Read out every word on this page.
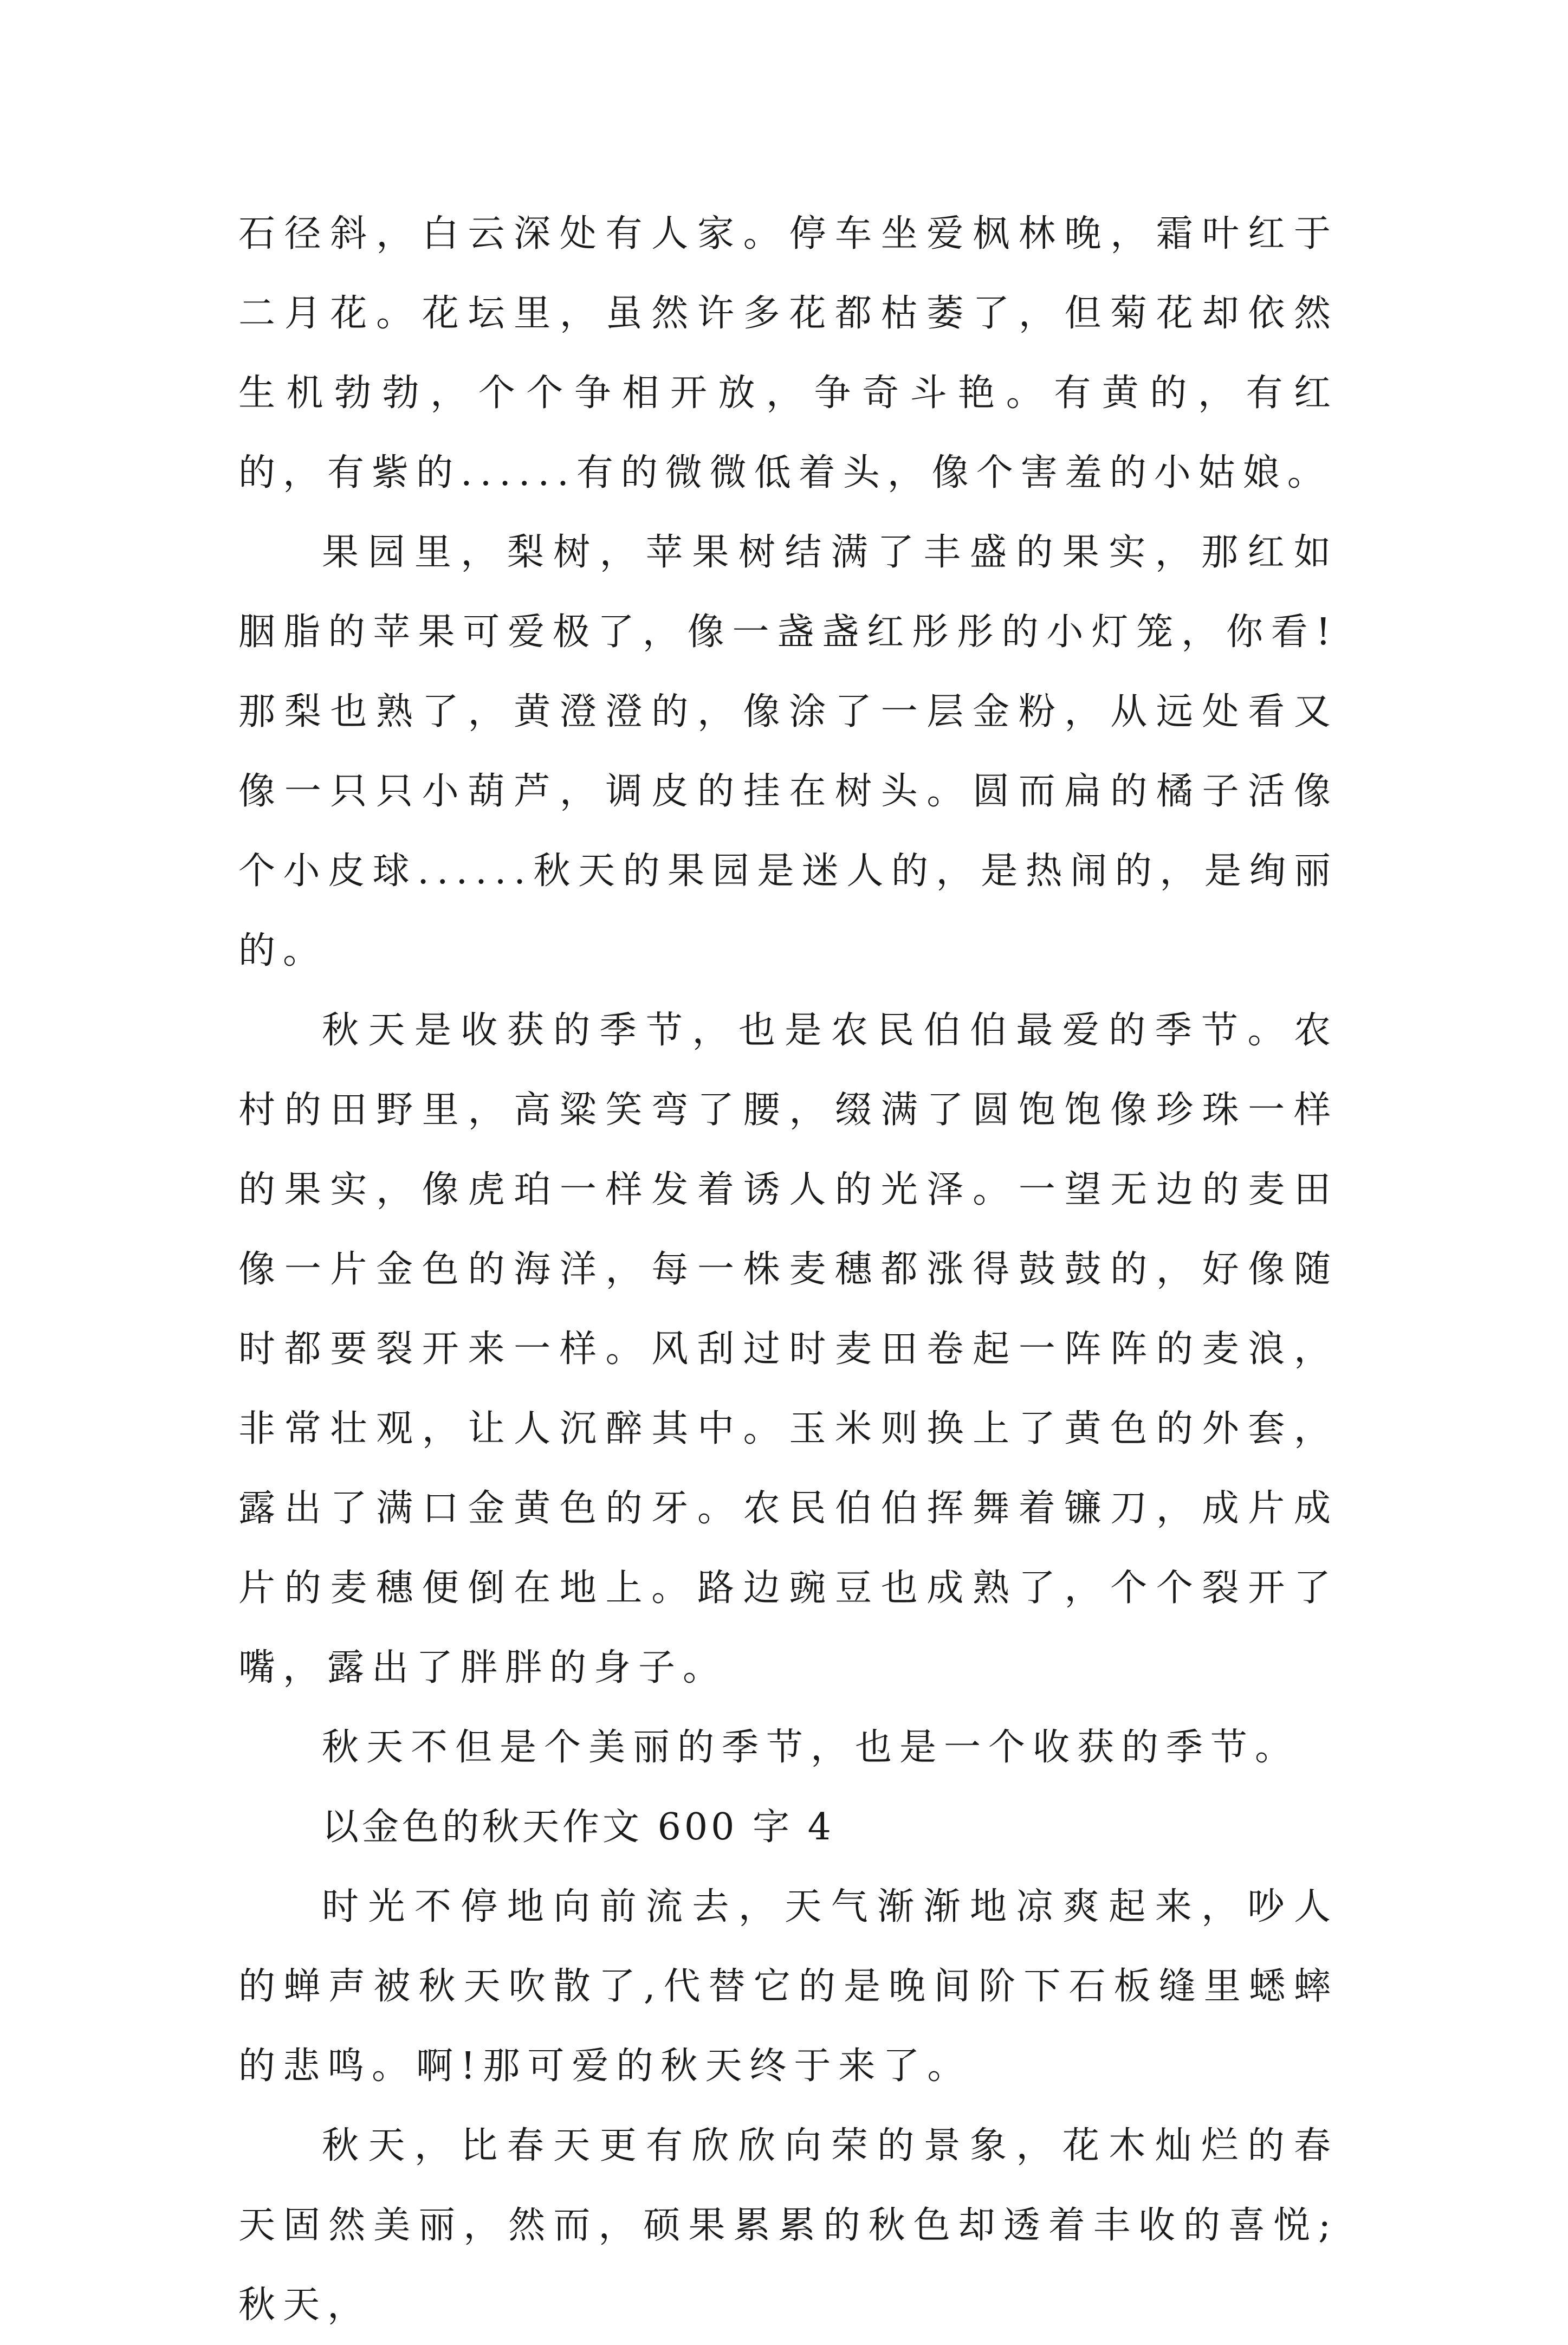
石径斜，白云深处有人家。停车坐爱枫林晚，霜叶红于二月花。花坛里，虽然许多花都枯萎了，但菊花却依然生机勃勃，个个争相开放，争奇斗艳。有黄的，有红的，有紫的......有的微微低着头，像个害羞的小姑娘。

果园里，梨树，苹果树结满了丰盛的果实，那红如胭脂的苹果可爱极了，像一盏盏红彤彤的小灯笼，你看!那梨也熟了，黄澄澄的，像涂了一层金粉，从远处看又像一只只小葫芦，调皮的挂在树头。圆而扁的橘子活像个小皮球......秋天的果园是迷人的，是热闹的，是绚丽的。

秋天是收获的季节，也是农民伯伯最爱的季节。农村的田野里，高粱笑弯了腰，缀满了圆饱饱像珍珠一样的果实，像虎珀一样发着诱人的光泽。一望无边的麦田像一片金色的海洋，每一株麦穗都涨得鼓鼓的，好像随时都要裂开来一样。风刮过时麦田卷起一阵阵的麦浪，非常壮观，让人沉醉其中。玉米则换上了黄色的外套，露出了满口金黄色的牙。农民伯伯挥舞着镰刀，成片成片的麦穗便倒在地上。路边豌豆也成熟了，个个裂开了嘴，露出了胖胖的身子。

秋天不但是个美丽的季节，也是一个收获的季节。

以金色的秋天作文 600 字 4

时光不停地向前流去，天气渐渐地凉爽起来，吵人的蝉声被秋天吹散了,代替它的是晚间阶下石板缝里蟋蟀的悲鸣。啊!那可爱的秋天终于来了。

秋天，比春天更有欣欣向荣的景象，花木灿烂的春天固然美丽，然而，硕果累累的秋色却透着丰收的喜悦;秋天，
